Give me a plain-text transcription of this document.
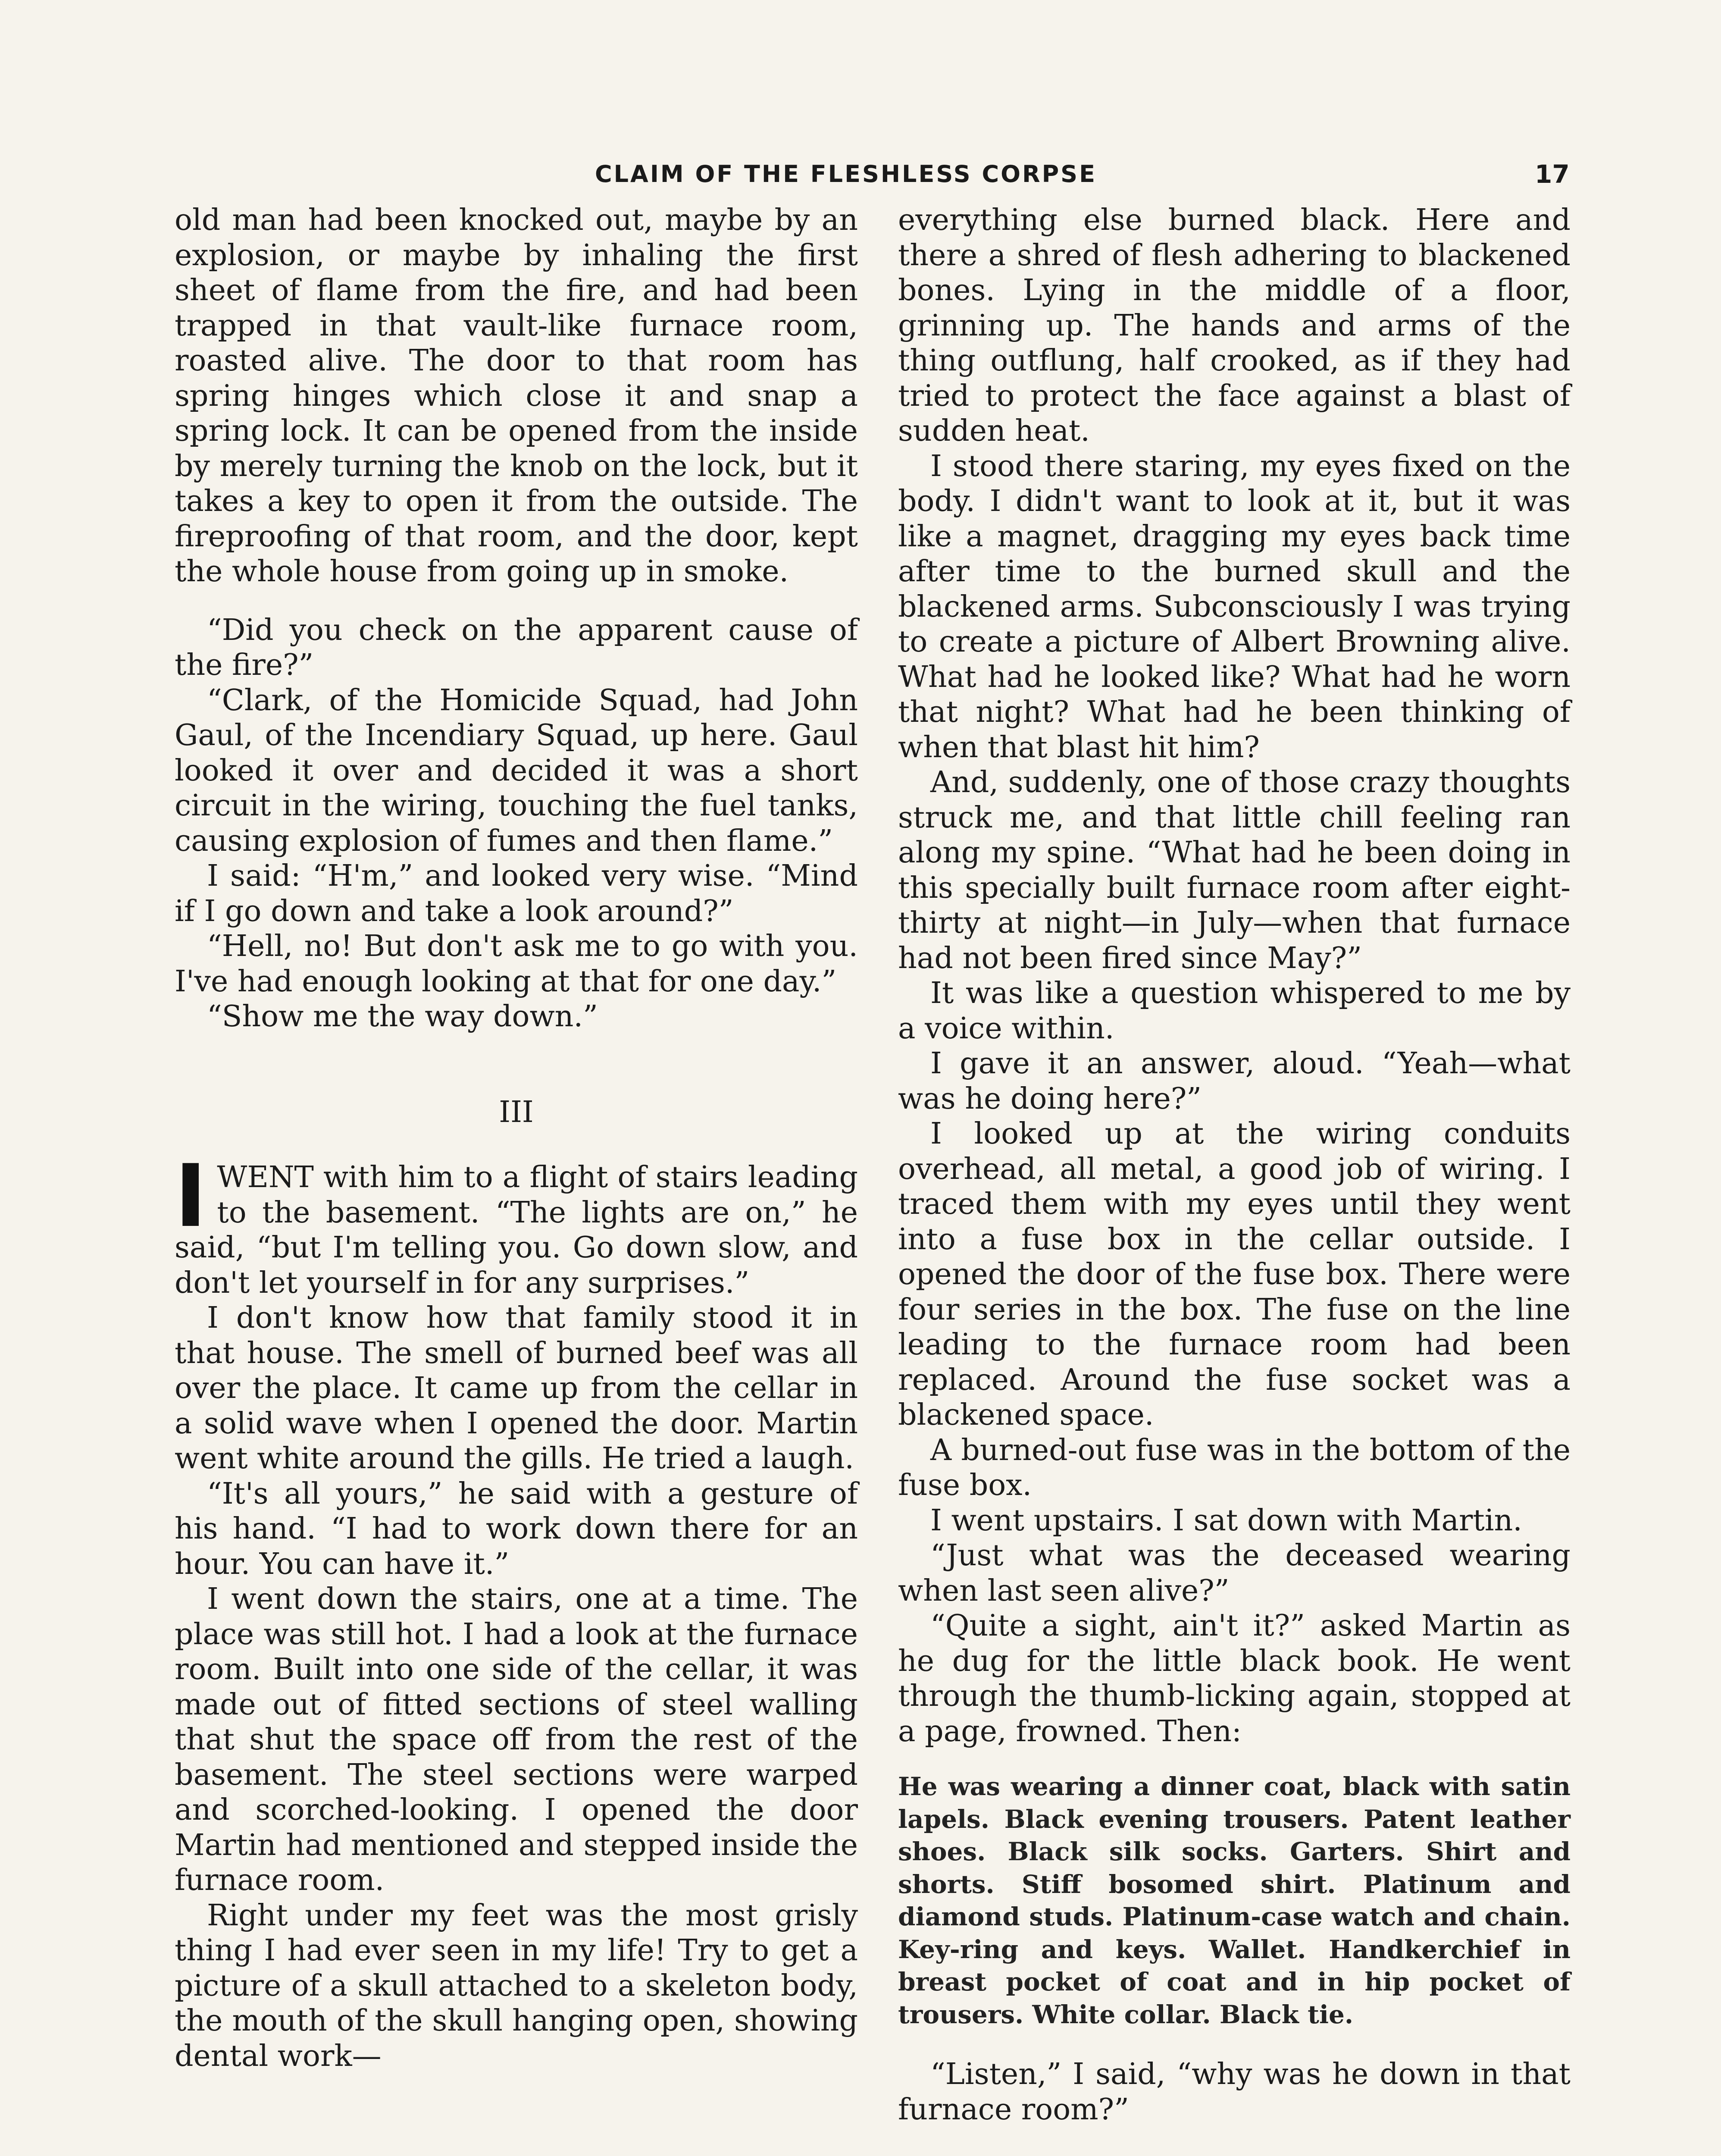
CLAIM OF THE FLESHLESS CORPSE	17

old man had been knocked out, maybe by an explosion, or maybe by inhaling the first sheet of flame from the fire, and had been trapped in that vault-like furnace room, roasted alive. The door to that room has spring hinges which close it and snap a spring lock. It can be opened from the inside by merely turning the knob on the lock, but it takes a key to open it from the outside. The fireproofing of that room, and the door, kept the whole house from going up in smoke.

“Did you check on the apparent cause of the fire?”

“Clark, of the Homicide Squad, had John Gaul, of the Incendiary Squad, up here. Gaul looked it over and decided it was a short circuit in the wiring, touching the fuel tanks, causing explosion of fumes and then flame.”

I said: “H'm,” and looked very wise. “Mind if I go down and take a look around?”

“Hell, no! But don't ask me to go with you. I've had enough looking at that for one day.”

“Show me the way down.”

III

IWENT with him to a flight of stairs leading to the basement. “The lights are on,” he said, “but I'm telling you. Go down slow, and don't let yourself in for any surprises.”

I don't know how that family stood it in that house. The smell of burned beef was all over the place. It came up from the cellar in a solid wave when I opened the door. Martin went white around the gills. He tried a laugh.

“It's all yours,” he said with a gesture of his hand. “I had to work down there for an hour. You can have it.”

I went down the stairs, one at a time. The place was still hot. I had a look at the furnace room. Built into one side of the cellar, it was made out of fitted sections of steel walling that shut the space off from the rest of the basement. The steel sections were warped and scorched-looking. I opened the door Martin had mentioned and stepped inside the furnace room.

Right under my feet was the most grisly thing I had ever seen in my life! Try to get a picture of a skull attached to a skeleton body, the mouth of the skull hanging open, showing dental work—

everything else burned black. Here and there a shred of flesh adhering to blackened bones. Lying in the middle of a floor, grinning up. The hands and arms of the thing outflung, half crooked, as if they had tried to protect the face against a blast of sudden heat.

I stood there staring, my eyes fixed on the body. I didn't want to look at it, but it was like a magnet, dragging my eyes back time after time to the burned skull and the blackened arms. Subconsciously I was trying to create a picture of Albert Browning alive. What had he looked like? What had he worn that night? What had he been thinking of when that blast hit him?

And, suddenly, one of those crazy thoughts struck me, and that little chill feeling ran along my spine. “What had he been doing in this specially built furnace room after eight-thirty at night—in July—when that furnace had not been fired since May?”

It was like a question whispered to me by a voice within.

I gave it an answer, aloud. “Yeah—what was he doing here?”

I looked up at the wiring conduits overhead, all metal, a good job of wiring. I traced them with my eyes until they went into a fuse box in the cellar outside. I opened the door of the fuse box. There were four series in the box. The fuse on the line leading to the furnace room had been replaced. Around the fuse socket was a blackened space.

A burned-out fuse was in the bottom of the fuse box.

I went upstairs. I sat down with Martin.

“Just what was the deceased wearing when last seen alive?”

“Quite a sight, ain't it?” asked Martin as he dug for the little black book. He went through the thumb-licking again, stopped at a page, frowned. Then:

He was wearing a dinner coat, black with satin lapels. Black evening trousers. Patent leather shoes. Black silk socks. Garters. Shirt and shorts. Stiff bosomed shirt. Platinum and diamond studs. Platinum-case watch and chain. Key-ring and keys. Wallet. Handkerchief in breast pocket of coat and in hip pocket of trousers. White collar. Black tie.

“Listen,” I said, “why was he down in that furnace room?”
